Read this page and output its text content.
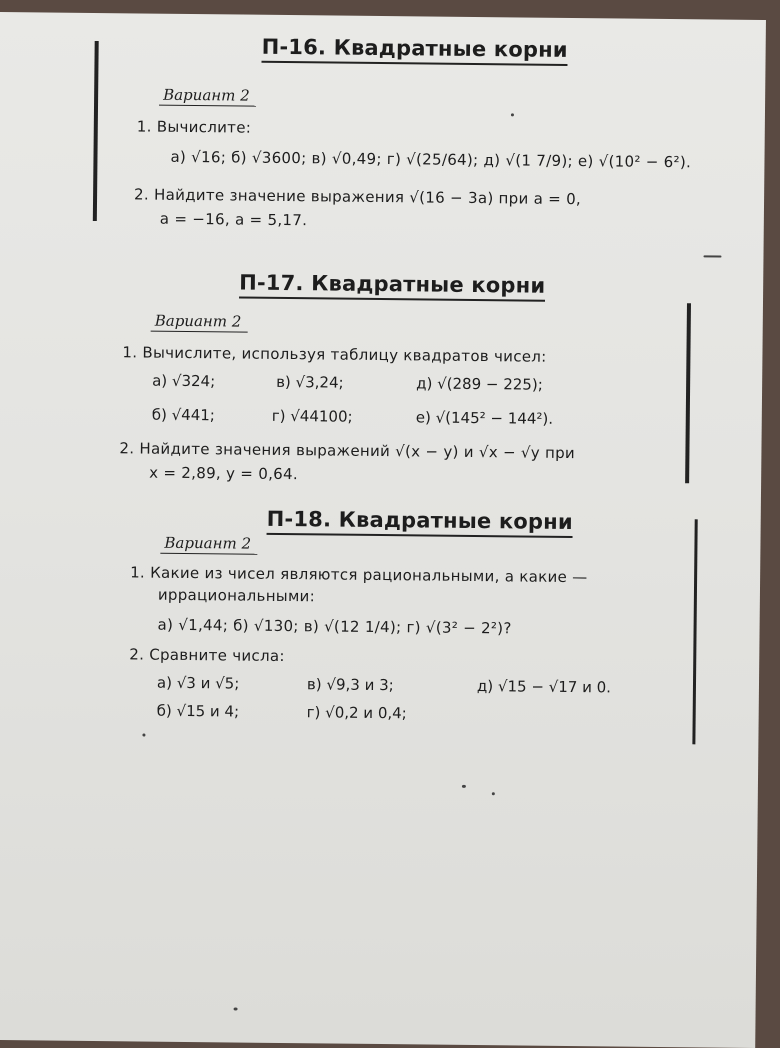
П-16. Квадратные корни
Вариант 2
1. Вычислите:
а) √16; б) √3600; в) √0,49; г) √(25/64); д) √(1 7/9); е) √(10² − 6²).
2. Найдите значение выражения √(16 − 3a) при a = 0,
a = −16, a = 5,17.
П-17. Квадратные корни
Вариант 2
1. Вычислите, используя таблицу квадратов чисел:
а) √324;	в) √3,24;	д) √(289 − 225);
б) √441;	г) √44100;	е) √(145² − 144²).
2. Найдите значения выражений √(x − y) и √x − √y при
x = 2,89, y = 0,64.
П-18. Квадратные корни
Вариант 2
1. Какие из чисел являются рациональными, а какие —
иррациональными:
а) √1,44; б) √130; в) √(12 1/4); г) √(3² − 2²)?
2. Сравните числа:
а) √3 и √5;	в) √9,3 и 3;	д) √15 − √17 и 0.
б) √15 и 4;	г) √0,2 и 0,4;
